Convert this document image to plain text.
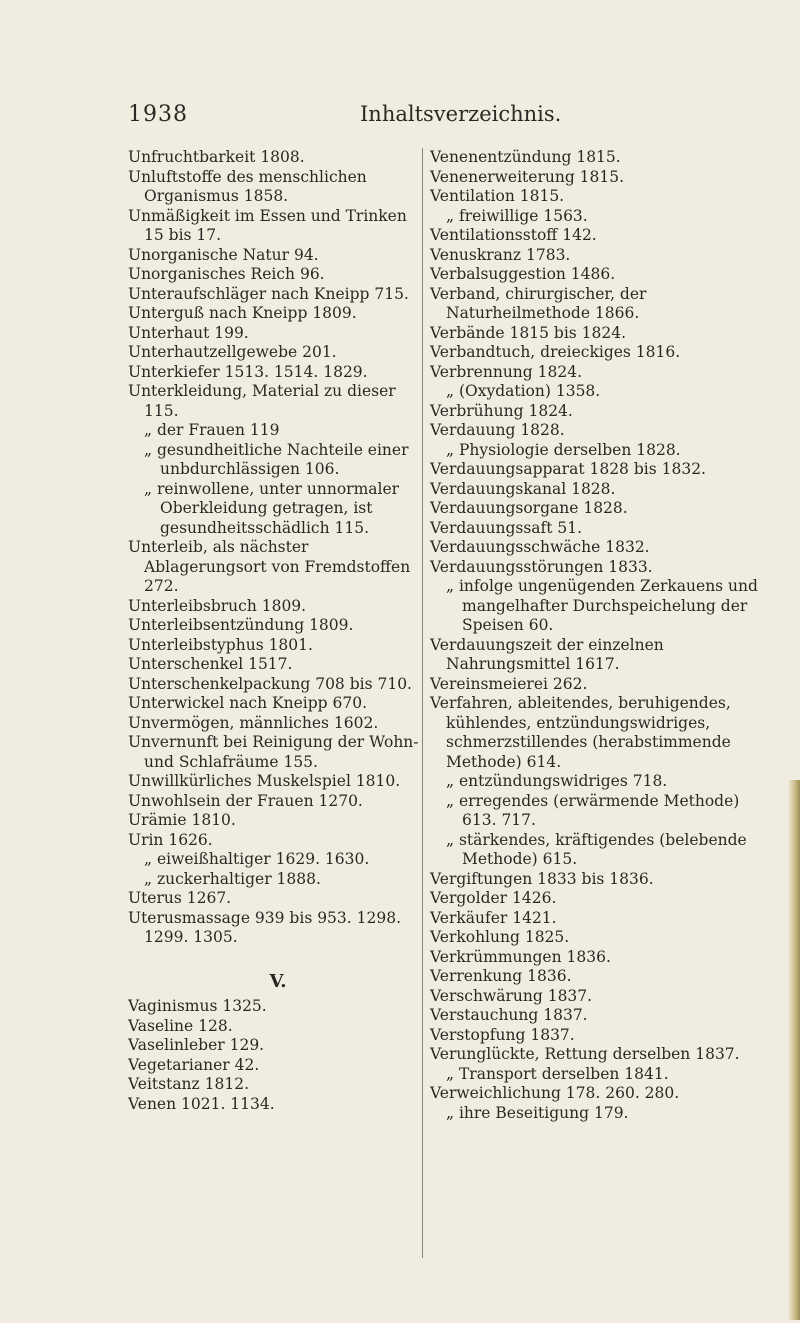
1938	Inhaltsverzeichnis.
Unfruchtbarkeit 1808.
Unluftstoffe des menschlichen Organismus 1858.
Unmäßigkeit im Essen und Trinken 15 bis 17.
Unorganische Natur 94.
Unorganisches Reich 96.
Unteraufschläger nach Kneipp 715.
Unterguß nach Kneipp 1809.
Unterhaut 199.
Unterhautzellgewebe 201.
Unterkiefer 1513. 1514. 1829.
Unterkleidung, Material zu dieser 115.
„ der Frauen 119
„ gesundheitliche Nachteile einer unbdurchlässigen 106.
„ reinwollene, unter unnormaler Oberkleidung getragen, ist gesundheitsschädlich 115.
Unterleib, als nächster Ablagerungsort von Fremdstoffen 272.
Unterleibsbruch 1809.
Unterleibsentzündung 1809.
Unterleibstyphus 1801.
Unterschenkel 1517.
Unterschenkelpackung 708 bis 710.
Unterwickel nach Kneipp 670.
Unvermögen, männliches 1602.
Unvernunft bei Reinigung der Wohn- und Schlafräume 155.
Unwillkürliches Muskelspiel 1810.
Unwohlsein der Frauen 1270.
Urämie 1810.
Urin 1626.
„ eiweißhaltiger 1629. 1630.
„ zuckerhaltiger 1888.
Uterus 1267.
Uterusmassage 939 bis 953. 1298. 1299. 1305.
V.
Vaginismus 1325.
Vaseline 128.
Vaselinleber 129.
Vegetarianer 42.
Veitstanz 1812.
Venen 1021. 1134.
Venenentzündung 1815.
Venenerweiterung 1815.
Ventilation 1815.
„ freiwillige 1563.
Ventilationsstoff 142.
Venuskranz 1783.
Verbalsuggestion 1486.
Verband, chirurgischer, der Naturheilmethode 1866.
Verbände 1815 bis 1824.
Verbandtuch, dreieckiges 1816.
Verbrennung 1824.
„ (Oxydation) 1358.
Verbrühung 1824.
Verdauung 1828.
„ Physiologie derselben 1828.
Verdauungsapparat 1828 bis 1832.
Verdauungskanal 1828.
Verdauungsorgane 1828.
Verdauungssaft 51.
Verdauungsschwäche 1832.
Verdauungsstörungen 1833.
„ infolge ungenügenden Zerkauens und mangelhafter Durchspeichelung der Speisen 60.
Verdauungszeit der einzelnen Nahrungsmittel 1617.
Vereinsmeierei 262.
Verfahren, ableitendes, beruhigendes, kühlendes, entzündungswidriges, schmerzstillendes (herabstimmende Methode) 614.
„ entzündungswidriges 718.
„ erregendes (erwärmende Methode) 613. 717.
„ stärkendes, kräftigendes (belebende Methode) 615.
Vergiftungen 1833 bis 1836.
Vergolder 1426.
Verkäufer 1421.
Verkohlung 1825.
Verkrümmungen 1836.
Verrenkung 1836.
Verschwärung 1837.
Verstauchung 1837.
Verstopfung 1837.
Verunglückte, Rettung derselben 1837.
„ Transport derselben 1841.
Verweichlichung 178. 260. 280.
„ ihre Beseitigung 179.
